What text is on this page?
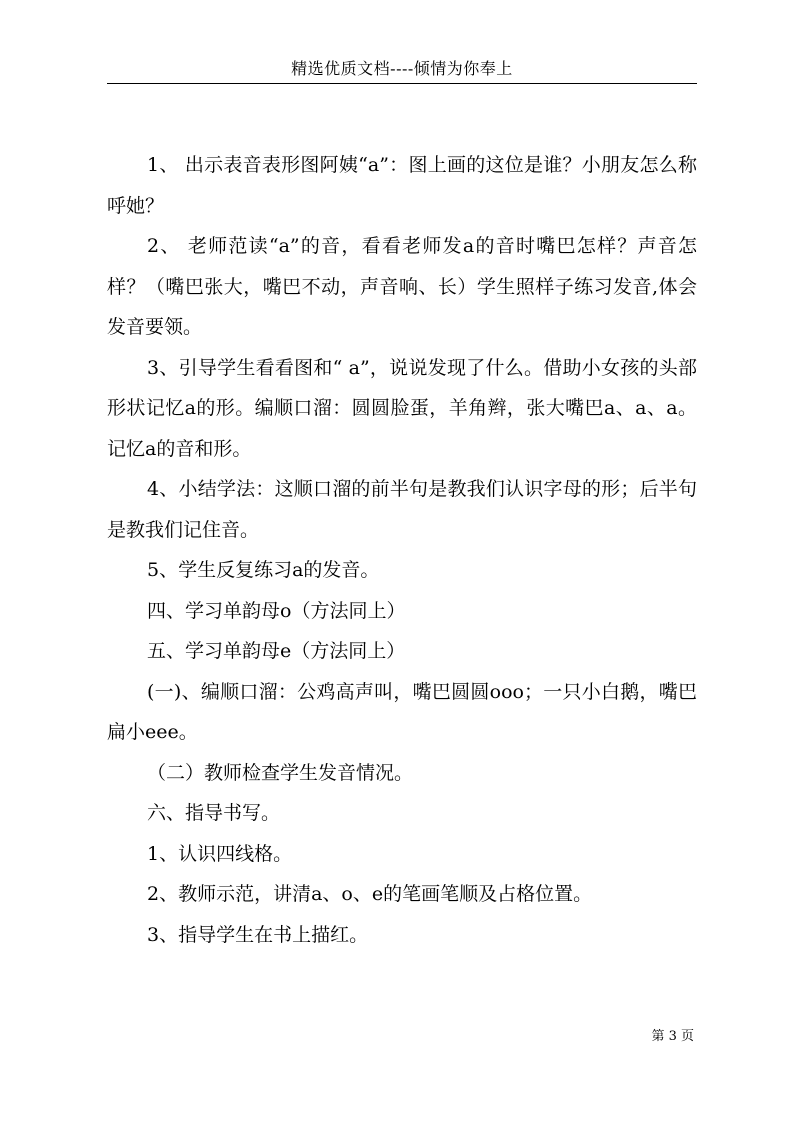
精选优质文档----倾情为你奉上

1、 出示表音表形图阿姨“a”：图上画的这位是谁？小朋友怎么称呼她？

2、 老师范读“a”的音，看看老师发a的音时嘴巴怎样？声音怎样？（嘴巴张大，嘴巴不动，声音响、长）学生照样子练习发音,体会发音要领。

3、引导学生看看图和“ a”，说说发现了什么。借助小女孩的头部形状记忆a的形。编顺口溜：圆圆脸蛋，羊角辫，张大嘴巴a、a、a。记忆a的音和形。

4、小结学法：这顺口溜的前半句是教我们认识字母的形；后半句是教我们记住音。

5、学生反复练习a的发音。

四、学习单韵母o（方法同上）

五、学习单韵母e（方法同上）

(一)、编顺口溜：公鸡高声叫，嘴巴圆圆ooo；一只小白鹅，嘴巴扁小eee。

（二）教师检查学生发音情况。

六、指导书写。

1、认识四线格。

2、教师示范，讲清a、o、e的笔画笔顺及占格位置。

3、指导学生在书上描红。

第 3 页
